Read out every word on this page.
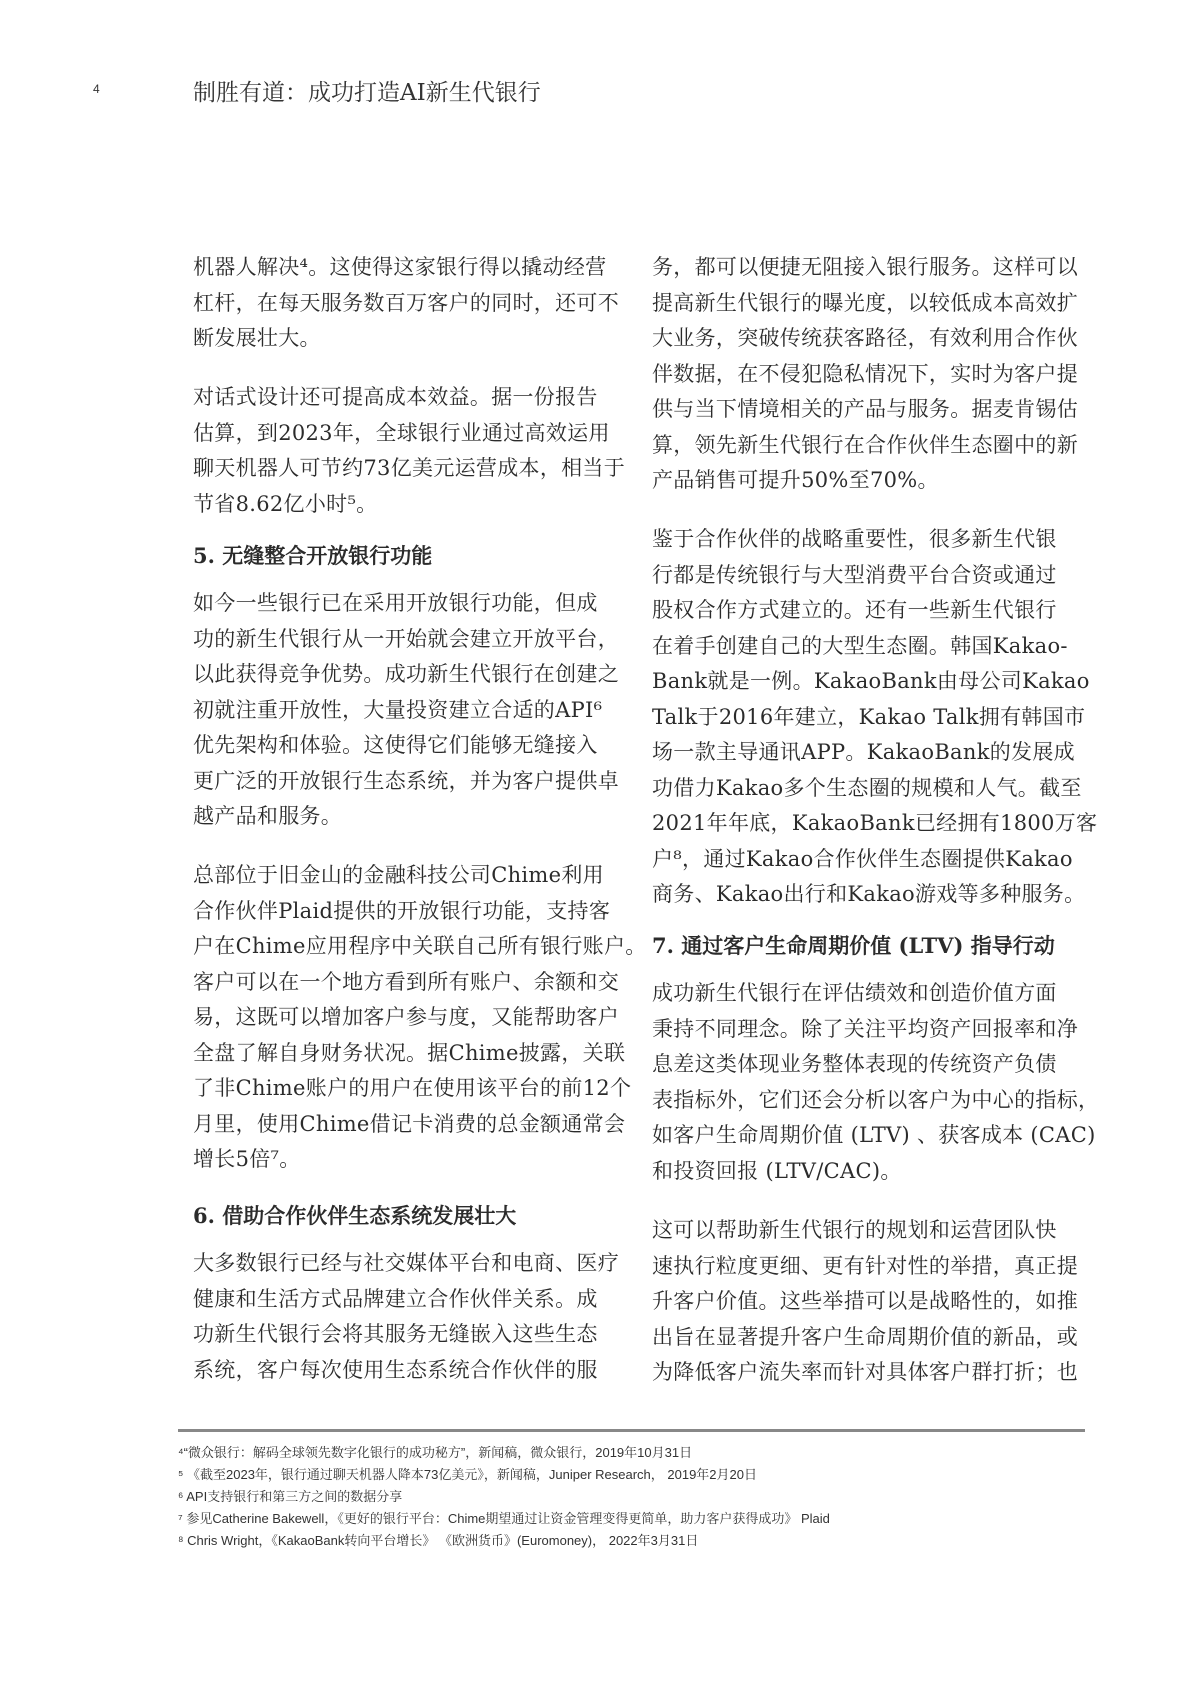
4	制胜有道：成功打造AI新生代银行
机器人解决⁴。这使得这家银行得以撬动经营
杠杆，在每天服务数百万客户的同时，还可不
断发展壮大。
对话式设计还可提高成本效益。据一份报告
估算，到2023年，全球银行业通过高效运用
聊天机器人可节约73亿美元运营成本，相当于
节省8.62亿小时⁵。
5. 无缝整合开放银行功能
如今一些银行已在采用开放银行功能，但成
功的新生代银行从一开始就会建立开放平台，
以此获得竞争优势。成功新生代银行在创建之
初就注重开放性，大量投资建立合适的API⁶
优先架构和体验。这使得它们能够无缝接入
更广泛的开放银行生态系统，并为客户提供卓
越产品和服务。
总部位于旧金山的金融科技公司Chime利用
合作伙伴Plaid提供的开放银行功能，支持客
户在Chime应用程序中关联自己所有银行账户。
客户可以在一个地方看到所有账户、余额和交
易，这既可以增加客户参与度，又能帮助客户
全盘了解自身财务状况。据Chime披露，关联
了非Chime账户的用户在使用该平台的前12个
月里，使用Chime借记卡消费的总金额通常会
增长5倍⁷。
6. 借助合作伙伴生态系统发展壮大
大多数银行已经与社交媒体平台和电商、医疗
健康和生活方式品牌建立合作伙伴关系。成
功新生代银行会将其服务无缝嵌入这些生态
系统，客户每次使用生态系统合作伙伴的服
务，都可以便捷无阻接入银行服务。这样可以
提高新生代银行的曝光度，以较低成本高效扩
大业务，突破传统获客路径，有效利用合作伙
伴数据，在不侵犯隐私情况下，实时为客户提
供与当下情境相关的产品与服务。据麦肯锡估
算，领先新生代银行在合作伙伴生态圈中的新
产品销售可提升50%至70%。
鉴于合作伙伴的战略重要性，很多新生代银
行都是传统银行与大型消费平台合资或通过
股权合作方式建立的。还有一些新生代银行
在着手创建自己的大型生态圈。韩国Kakao-
Bank就是一例。KakaoBank由母公司Kakao
Talk于2016年建立，Kakao Talk拥有韩国市
场一款主导通讯APP。KakaoBank的发展成
功借力Kakao多个生态圈的规模和人气。截至
2021年年底，KakaoBank已经拥有1800万客
户⁸，通过Kakao合作伙伴生态圈提供Kakao
商务、Kakao出行和Kakao游戏等多种服务。
7. 通过客户生命周期价值 (LTV) 指导行动
成功新生代银行在评估绩效和创造价值方面
秉持不同理念。除了关注平均资产回报率和净
息差这类体现业务整体表现的传统资产负债
表指标外，它们还会分析以客户为中心的指标，
如客户生命周期价值 (LTV) 、获客成本 (CAC)
和投资回报 (LTV/CAC)。
这可以帮助新生代银行的规划和运营团队快
速执行粒度更细、更有针对性的举措，真正提
升客户价值。这些举措可以是战略性的，如推
出旨在显著提升客户生命周期价值的新品，或
为降低客户流失率而针对具体客户群打折；也
⁴“微众银行：解码全球领先数字化银行的成功秘方”，新闻稿，微众银行，2019年10月31日
⁵ 《截至2023年，银行通过聊天机器人降本73亿美元》，新闻稿，Juniper Research， 2019年2月20日
⁶ API支持银行和第三方之间的数据分享
⁷ 参见Catherine Bakewell，《更好的银行平台：Chime期望通过让资金管理变得更简单，助力客户获得成功》 Plaid
⁸ Chris Wright，《KakaoBank转向平台增长》 《欧洲货币》(Euromoney)， 2022年3月31日
